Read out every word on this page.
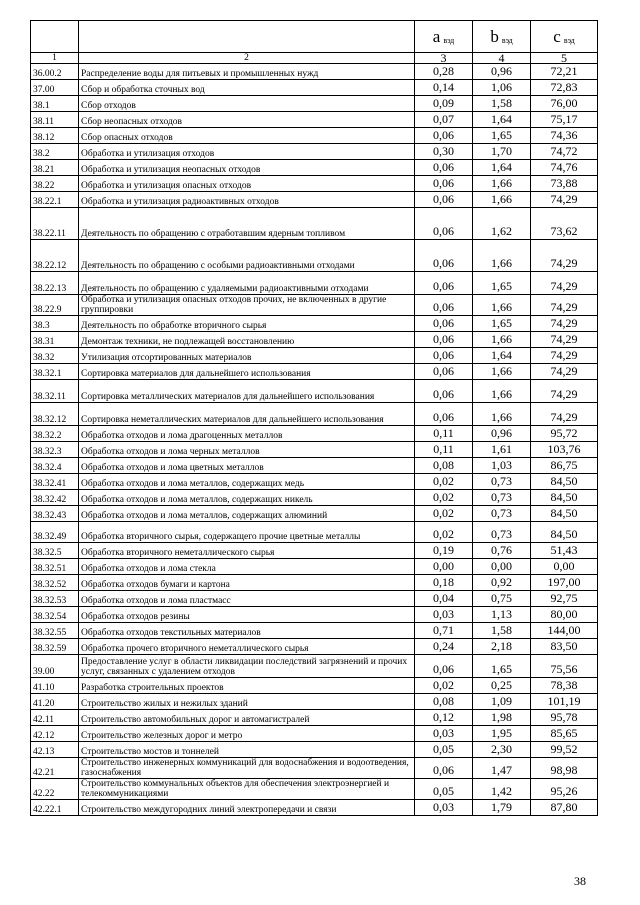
		a $_{вэд}$	b $_{вэд}$	c $_{вэд}$
1	2	3	4	5
36.00.2	Распределение воды для питьевых и промышленных нужд	0,28	0,96	72,21
37.00	Сбор и обработка сточных вод	0,14	1,06	72,83
38.1	Сбор отходов	0,09	1,58	76,00
38.11	Сбор неопасных отходов	0,07	1,64	75,17
38.12	Сбор опасных отходов	0,06	1,65	74,36
38.2	Обработка и утилизация отходов	0,30	1,70	74,72
38.21	Обработка и утилизация неопасных отходов	0,06	1,64	74,76
38.22	Обработка и утилизация опасных отходов	0,06	1,66	73,88
38.22.1	Обработка и утилизация радиоактивных отходов	0,06	1,66	74,29
38.22.11	Деятельность по обращению с отработавшим ядерным топливом	0,06	1,62	73,62
38.22.12	Деятельность по обращению с особыми радиоактивными отходами	0,06	1,66	74,29
38.22.13	Деятельность по обращению с удаляемыми радиоактивными отходами	0,06	1,65	74,29
38.22.9	Обработка и утилизация опасных отходов прочих, не включенных в другие группировки	0,06	1,66	74,29
38.3	Деятельность по обработке вторичного сырья	0,06	1,65	74,29
38.31	Демонтаж техники, не подлежащей восстановлению	0,06	1,66	74,29
38.32	Утилизация отсортированных материалов	0,06	1,64	74,29
38.32.1	Сортировка материалов для дальнейшего использования	0,06	1,66	74,29
38.32.11	Сортировка металлических материалов для дальнейшего использования	0,06	1,66	74,29
38.32.12	Сортировка неметаллических материалов для дальнейшего использования	0,06	1,66	74,29
38.32.2	Обработка отходов и лома драгоценных металлов	0,11	0,96	95,72
38.32.3	Обработка отходов и лома черных металлов	0,11	1,61	103,76
38.32.4	Обработка отходов и лома цветных металлов	0,08	1,03	86,75
38.32.41	Обработка отходов и лома металлов, содержащих медь	0,02	0,73	84,50
38.32.42	Обработка отходов и лома металлов, содержащих никель	0,02	0,73	84,50
38.32.43	Обработка отходов и лома металлов, содержащих алюминий	0,02	0,73	84,50
38.32.49	Обработка вторичного сырья, содержащего прочие цветные металлы	0,02	0,73	84,50
38.32.5	Обработка вторичного неметаллического сырья	0,19	0,76	51,43
38.32.51	Обработка отходов и лома стекла	0,00	0,00	0,00
38.32.52	Обработка отходов бумаги и картона	0,18	0,92	197,00
38.32.53	Обработка отходов и лома пластмасс	0,04	0,75	92,75
38.32.54	Обработка отходов резины	0,03	1,13	80,00
38.32.55	Обработка отходов текстильных материалов	0,71	1,58	144,00
38.32.59	Обработка прочего вторичного неметаллического сырья	0,24	2,18	83,50
39.00	Предоставление услуг в области ликвидации последствий загрязнений и прочих услуг, связанных с удалением отходов	0,06	1,65	75,56
41.10	Разработка строительных проектов	0,02	0,25	78,38
41.20	Строительство жилых и нежилых зданий	0,08	1,09	101,19
42.11	Строительство автомобильных дорог и автомагистралей	0,12	1,98	95,78
42.12	Строительство железных дорог и метро	0,03	1,95	85,65
42.13	Строительство мостов и тоннелей	0,05	2,30	99,52
42.21	Строительство инженерных коммуникаций для водоснабжения и водоотведения, газоснабжения	0,06	1,47	98,98
42.22	Строительство коммунальных объектов для обеспечения электроэнергией и телекоммуникациями	0,05	1,42	95,26
42.22.1	Строительство междугородних линий электропередачи и связи	0,03	1,79	87,80
38
